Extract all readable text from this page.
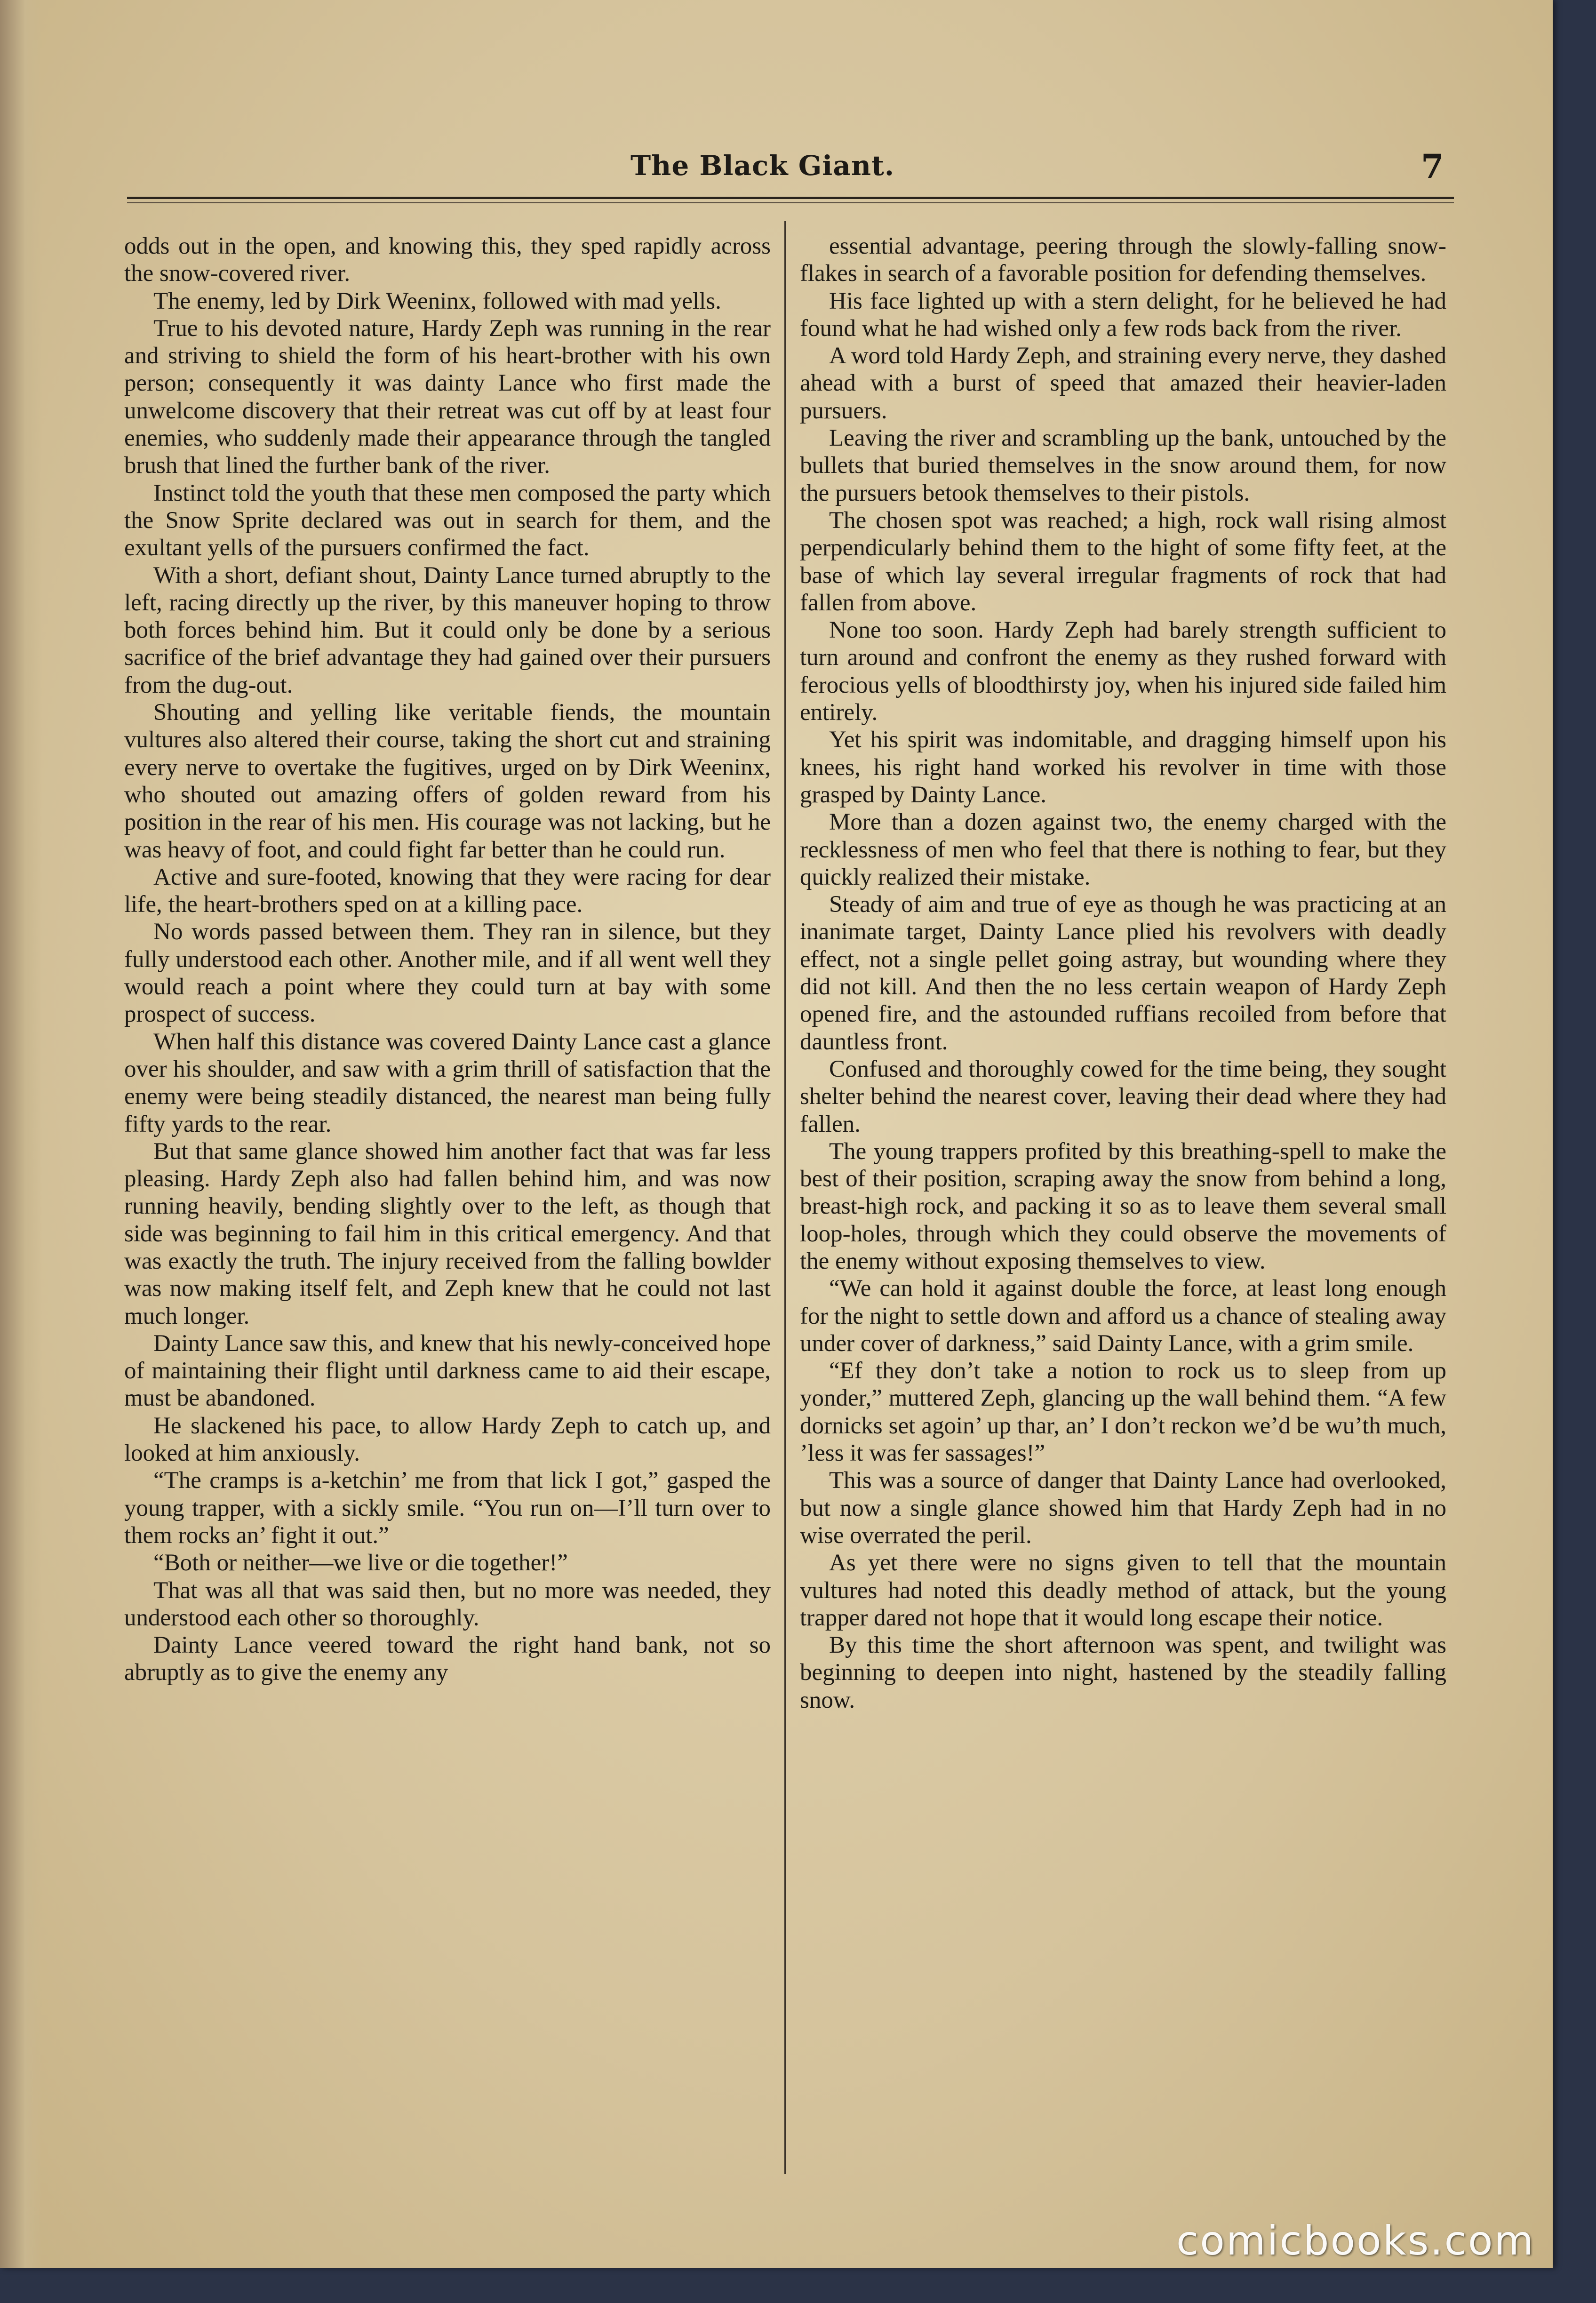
The Black Giant.	7

odds out in the open, and knowing this, they sped rapidly across the snow-covered river.

The enemy, led by Dirk Weeninx, followed with mad yells.

True to his devoted nature, Hardy Zeph was running in the rear and striving to shield the form of his heart-brother with his own person; consequently it was dainty Lance who first made the unwelcome discovery that their retreat was cut off by at least four enemies, who suddenly made their appearance through the tangled brush that lined the further bank of the river.

Instinct told the youth that these men composed the party which the Snow Sprite declared was out in search for them, and the exultant yells of the pursuers confirmed the fact.

With a short, defiant shout, Dainty Lance turned abruptly to the left, racing directly up the river, by this maneuver hoping to throw both forces behind him. But it could only be done by a serious sacrifice of the brief advantage they had gained over their pursuers from the dug-out.

Shouting and yelling like veritable fiends, the mountain vultures also altered their course, taking the short cut and straining every nerve to overtake the fugitives, urged on by Dirk Weeninx, who shouted out amazing offers of golden reward from his position in the rear of his men. His courage was not lacking, but he was heavy of foot, and could fight far better than he could run.

Active and sure-footed, knowing that they were racing for dear life, the heart-brothers sped on at a killing pace.

No words passed between them. They ran in silence, but they fully understood each other. Another mile, and if all went well they would reach a point where they could turn at bay with some prospect of success.

When half this distance was covered Dainty Lance cast a glance over his shoulder, and saw with a grim thrill of satisfaction that the enemy were being steadily distanced, the nearest man being fully fifty yards to the rear.

But that same glance showed him another fact that was far less pleasing. Hardy Zeph also had fallen behind him, and was now running heavily, bending slightly over to the left, as though that side was beginning to fail him in this critical emergency. And that was exactly the truth. The injury received from the falling bowlder was now making itself felt, and Zeph knew that he could not last much longer.

Dainty Lance saw this, and knew that his newly-conceived hope of maintaining their flight until darkness came to aid their escape, must be abandoned.

He slackened his pace, to allow Hardy Zeph to catch up, and looked at him anxiously.

“The cramps is a-ketchin’ me from that lick I got,” gasped the young trapper, with a sickly smile. “You run on—I’ll turn over to them rocks an’ fight it out.”

“Both or neither—we live or die together!”

That was all that was said then, but no more was needed, they understood each other so thoroughly.

Dainty Lance veered toward the right hand bank, not so abruptly as to give the enemy any

essential advantage, peering through the slowly-falling snow-flakes in search of a favorable position for defending themselves.

His face lighted up with a stern delight, for he believed he had found what he had wished only a few rods back from the river.

A word told Hardy Zeph, and straining every nerve, they dashed ahead with a burst of speed that amazed their heavier-laden pursuers.

Leaving the river and scrambling up the bank, untouched by the bullets that buried themselves in the snow around them, for now the pursuers betook themselves to their pistols.

The chosen spot was reached; a high, rock wall rising almost perpendicularly behind them to the hight of some fifty feet, at the base of which lay several irregular fragments of rock that had fallen from above.

None too soon. Hardy Zeph had barely strength sufficient to turn around and confront the enemy as they rushed forward with ferocious yells of bloodthirsty joy, when his injured side failed him entirely.

Yet his spirit was indomitable, and dragging himself upon his knees, his right hand worked his revolver in time with those grasped by Dainty Lance.

More than a dozen against two, the enemy charged with the recklessness of men who feel that there is nothing to fear, but they quickly realized their mistake.

Steady of aim and true of eye as though he was practicing at an inanimate target, Dainty Lance plied his revolvers with deadly effect, not a single pellet going astray, but wounding where they did not kill. And then the no less certain weapon of Hardy Zeph opened fire, and the astounded ruffians recoiled from before that dauntless front.

Confused and thoroughly cowed for the time being, they sought shelter behind the nearest cover, leaving their dead where they had fallen.

The young trappers profited by this breathing-spell to make the best of their position, scraping away the snow from behind a long, breast-high rock, and packing it so as to leave them several small loop-holes, through which they could observe the movements of the enemy without exposing themselves to view.

“We can hold it against double the force, at least long enough for the night to settle down and afford us a chance of stealing away under cover of darkness,” said Dainty Lance, with a grim smile.

“Ef they don’t take a notion to rock us to sleep from up yonder,” muttered Zeph, glancing up the wall behind them. “A few dornicks set agoin’ up thar, an’ I don’t reckon we’d be wu’th much, ’less it was fer sassages!”

This was a source of danger that Dainty Lance had overlooked, but now a single glance showed him that Hardy Zeph had in no wise overrated the peril.

As yet there were no signs given to tell that the mountain vultures had noted this deadly method of attack, but the young trapper dared not hope that it would long escape their notice.

By this time the short afternoon was spent, and twilight was beginning to deepen into night, hastened by the steadily falling snow.

comicbooks.com
